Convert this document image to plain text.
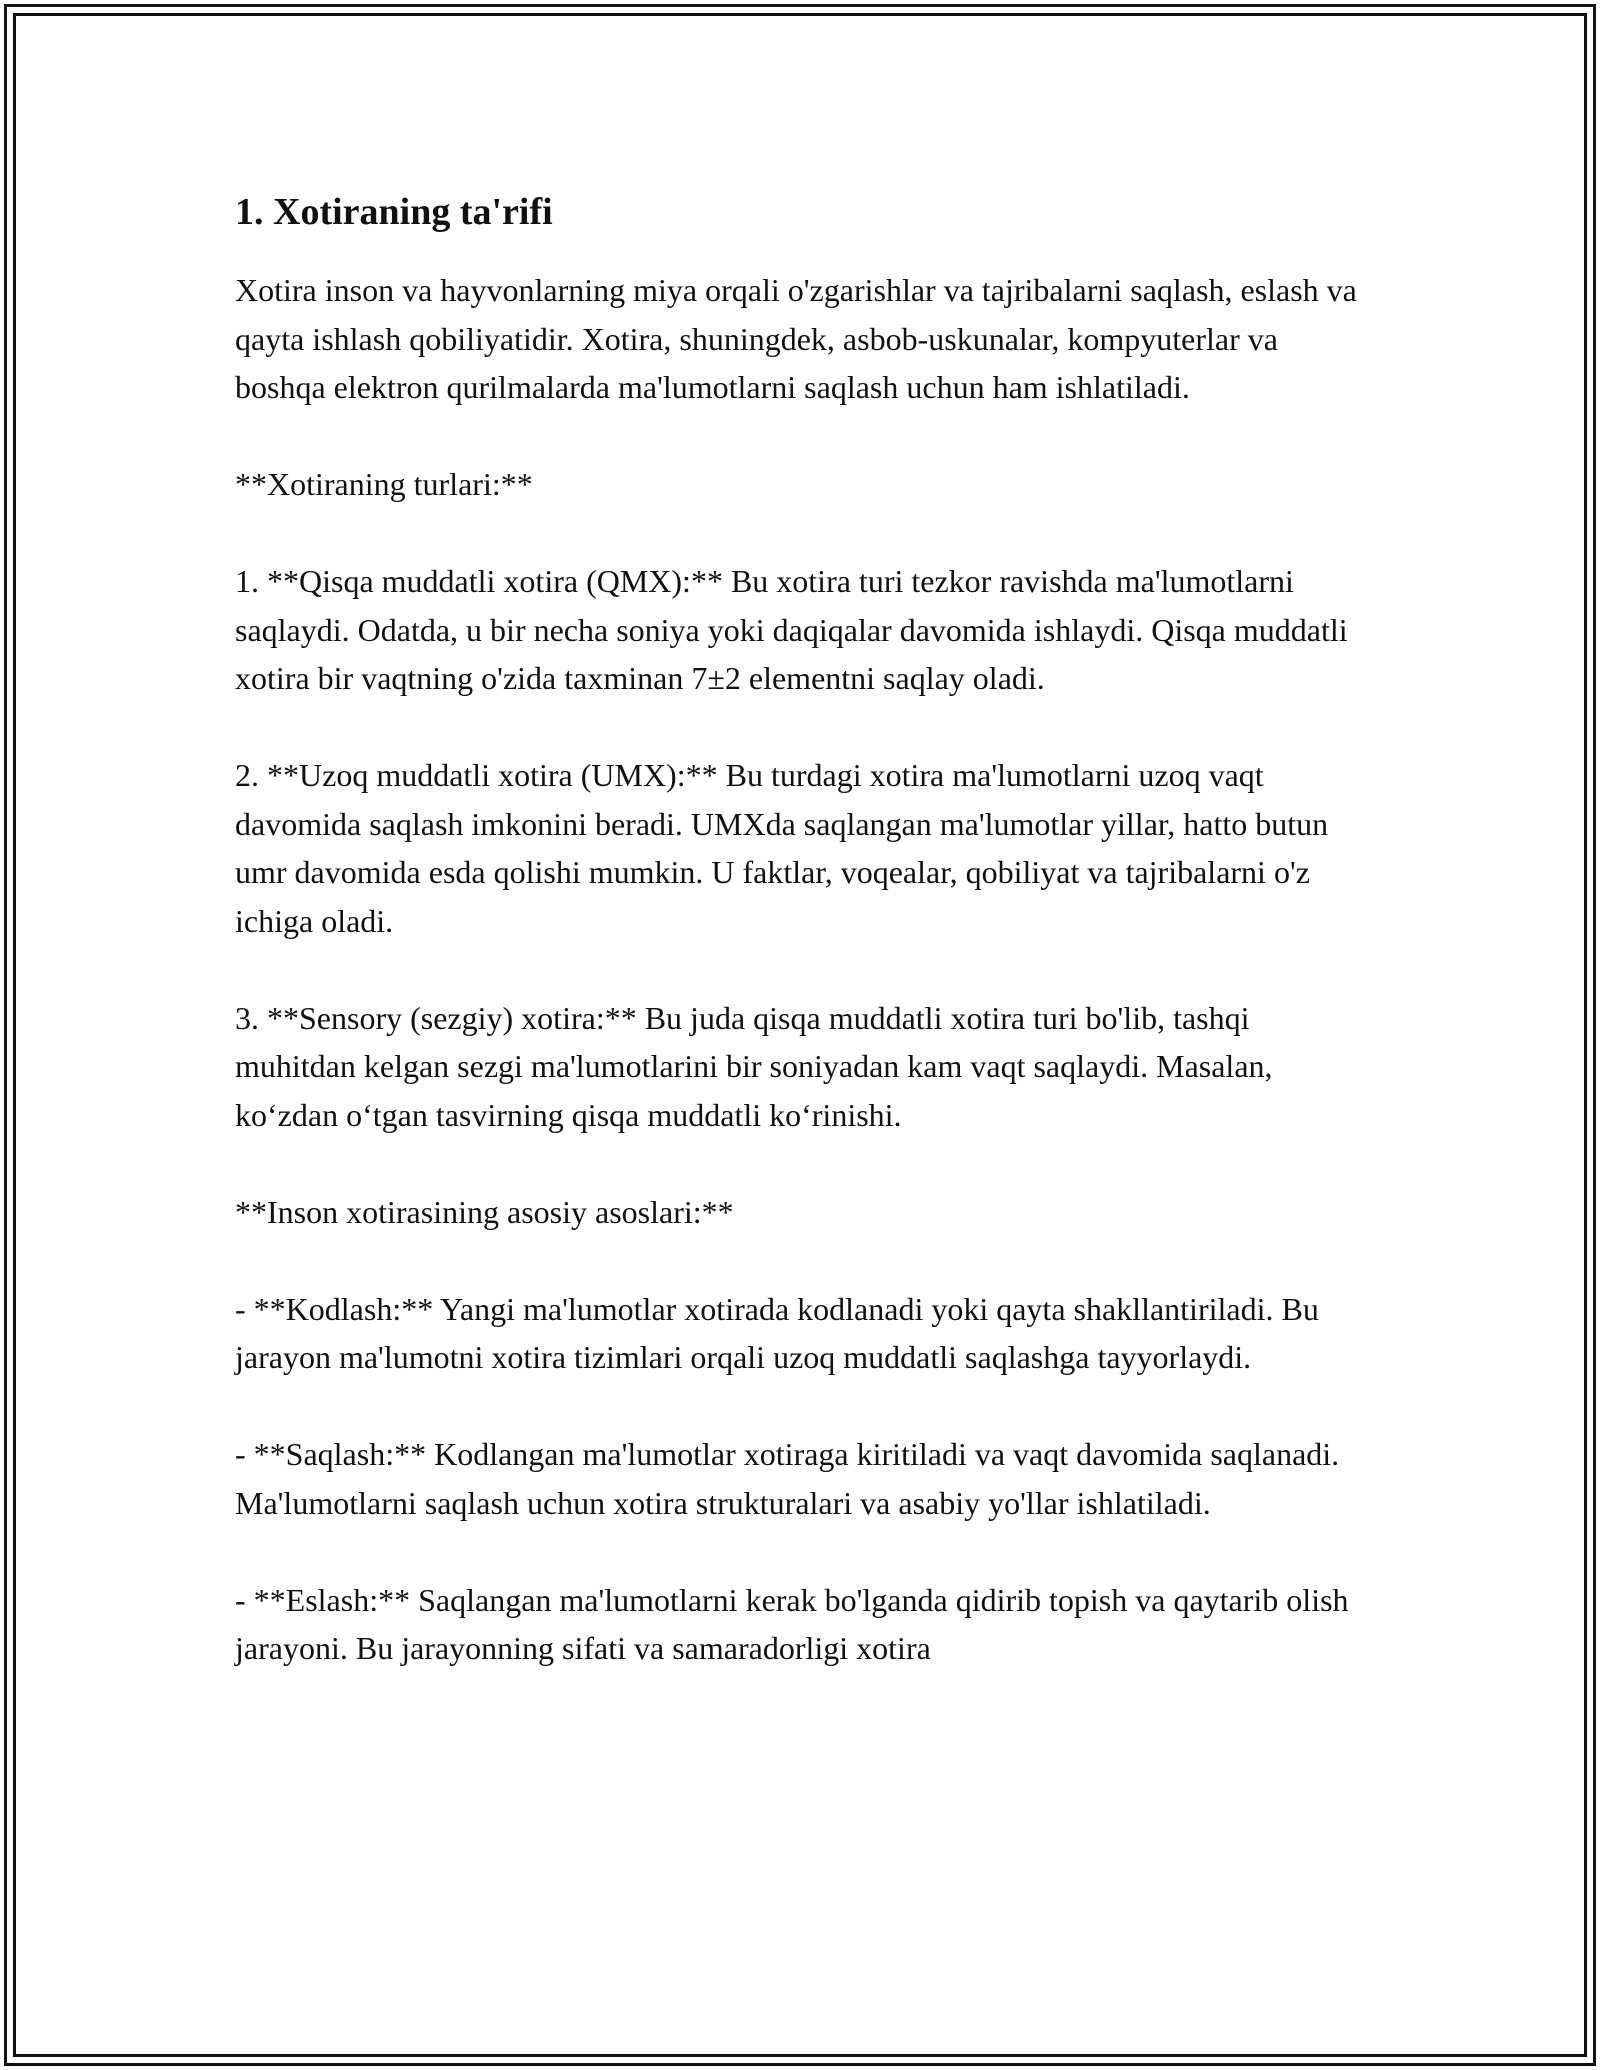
1. Xotiraning ta'rifi

Xotira inson va hayvonlarning miya orqali o'zgarishlar va tajribalarni saqlash, eslash va qayta ishlash qobiliyatidir. Xotira, shuningdek, asbob-uskunalar, kompyuterlar va boshqa elektron qurilmalarda ma'lumotlarni saqlash uchun ham ishlatiladi.

**Xotiraning turlari:**

1. **Qisqa muddatli xotira (QMX):** Bu xotira turi tezkor ravishda ma'lumotlarni saqlaydi. Odatda, u bir necha soniya yoki daqiqalar davomida ishlaydi. Qisqa muddatli xotira bir vaqtning o'zida taxminan 7±2 elementni saqlay oladi.

2. **Uzoq muddatli xotira (UMX):** Bu turdagi xotira ma'lumotlarni uzoq vaqt davomida saqlash imkonini beradi. UMXda saqlangan ma'lumotlar yillar, hatto butun umr davomida esda qolishi mumkin. U faktlar, voqealar, qobiliyat va tajribalarni o'z ichiga oladi.

3. **Sensory (sezgiy) xotira:** Bu juda qisqa muddatli xotira turi bo'lib, tashqi muhitdan kelgan sezgi ma'lumotlarini bir soniyadan kam vaqt saqlaydi. Masalan, ko‘zdan o‘tgan tasvirning qisqa muddatli ko‘rinishi.

**Inson xotirasining asosiy asoslari:**

- **Kodlash:** Yangi ma'lumotlar xotirada kodlanadi yoki qayta shakllantiriladi. Bu jarayon ma'lumotni xotira tizimlari orqali uzoq muddatli saqlashga tayyorlaydi.

- **Saqlash:** Kodlangan ma'lumotlar xotiraga kiritiladi va vaqt davomida saqlanadi. Ma'lumotlarni saqlash uchun xotira strukturalari va asabiy yo'llar ishlatiladi.

- **Eslash:** Saqlangan ma'lumotlarni kerak bo'lganda qidirib topish va qaytarib olish jarayoni. Bu jarayonning sifati va samaradorligi xotira
